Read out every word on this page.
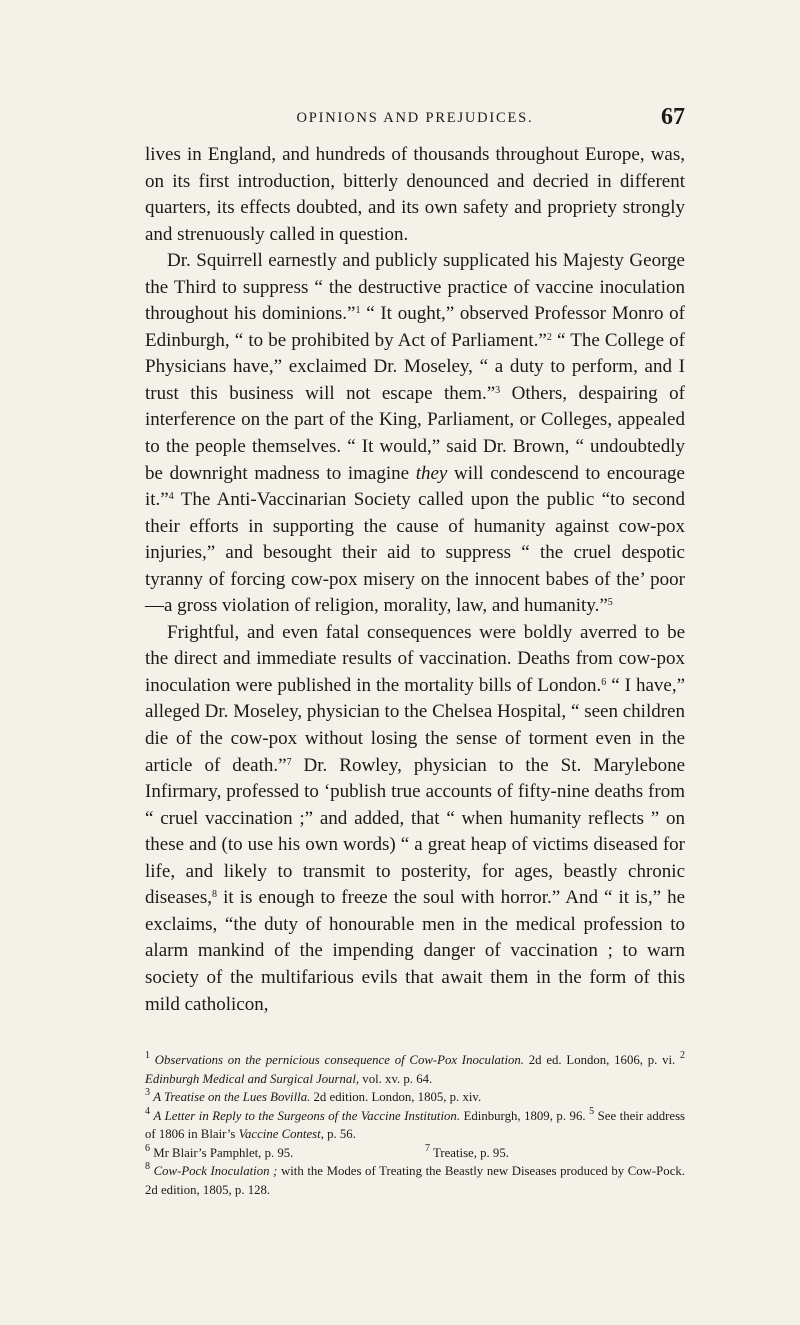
OPINIONS AND PREJUDICES.	67

lives in England, and hundreds of thousands throughout Europe, was, on its first introduction, bitterly denounced and decried in different quarters, its effects doubted, and its own safety and propriety strongly and strenuously called in question.

Dr. Squirrell earnestly and publicly supplicated his Majesty George the Third to suppress “ the destructive practice of vaccine inoculation throughout his dominions.”$^1$ “ It ought,” observed Professor Monro of Edinburgh, “ to be prohibited by Act of Parliament.”$^2$ “ The College of Physicians have,” exclaimed Dr. Moseley, “ a duty to perform, and I trust this business will not escape them.”$^3$ Others, despairing of interference on the part of the King, Parliament, or Colleges, appealed to the people themselves. “ It would,” said Dr. Brown, “ undoubtedly be downright madness to imagine they will condescend to encourage it.”$^4$ The Anti-Vaccinarian Society called upon the public “to second their efforts in supporting the cause of humanity against cow-pox injuries,” and besought their aid to suppress “ the cruel despotic tyranny of forcing cow-pox misery on the innocent babes of the’ poor—a gross violation of religion, morality, law, and humanity.”$^5$

Frightful, and even fatal consequences were boldly averred to be the direct and immediate results of vaccination. Deaths from cow-pox inoculation were published in the mortality bills of London.$^6$ “ I have,” alleged Dr. Moseley, physician to the Chelsea Hospital, “ seen children die of the cow-pox without losing the sense of torment even in the article of death.”$^7$ Dr. Rowley, physician to the St. Marylebone Infirmary, professed to ‘publish true accounts of fifty-nine deaths from “ cruel vaccination ;” and added, that “ when humanity reflects ” on these and (to use his own words) “ a great heap of victims diseased for life, and likely to transmit to posterity, for ages, beastly chronic diseases,$^8$ it is enough to freeze the soul with horror.” And “ it is,” he exclaims, “the duty of honourable men in the medical profession to alarm mankind of the impending danger of vaccination ; to warn society of the multifarious evils that await them in the form of this mild catholicon,

$^1$ Observations on the pernicious consequence of Cow-Pox Inoculation. 2d ed. London, 1606, p. vi. $^2$ Edinburgh Medical and Surgical Journal, vol. xv. p. 64.

$^3$ A Treatise on the Lues Bovilla. 2d edition. London, 1805, p. xiv.

$^4$ A Letter in Reply to the Surgeons of the Vaccine Institution. Edinburgh, 1809, p. 96. $^5$ See their address of 1806 in Blair’s Vaccine Contest, p. 56.

$^6$ Mr Blair’s Pamphlet, p. 95.	$^7$ Treatise, p. 95.

$^8$ Cow-Pock Inoculation ; with the Modes of Treating the Beastly new Diseases produced by Cow-Pock. 2d edition, 1805, p. 128.
